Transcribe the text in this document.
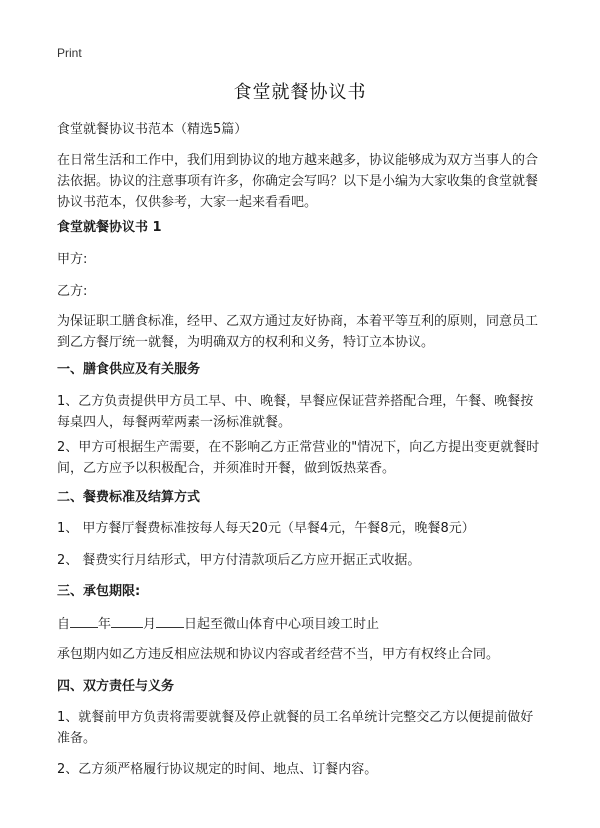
Print
食堂就餐协议书

食堂就餐协议书范本（精选5篇）

在日常生活和工作中，我们用到协议的地方越来越多，协议能够成为双方当事人的合法依据。协议的注意事项有许多，你确定会写吗？以下是小编为大家收集的食堂就餐协议书范本，仅供参考，大家一起来看看吧。

食堂就餐协议书 1

甲方:

乙方:

为保证职工膳食标准，经甲、乙双方通过友好协商，本着平等互利的原则，同意员工到乙方餐厅统一就餐，为明确双方的权利和义务，特订立本协议。

一、膳食供应及有关服务

1、乙方负责提供甲方员工早、中、晚餐，早餐应保证营养搭配合理，午餐、晚餐按每桌四人，每餐两荤两素一汤标准就餐。

2、甲方可根据生产需要，在不影响乙方正常营业的"情况下，向乙方提出变更就餐时间，乙方应予以积极配合，并须准时开餐，做到饭热菜香。

二、餐费标准及结算方式

1、 甲方餐厅餐费标准按每人每天20元（早餐4元，午餐8元，晚餐8元）

2、 餐费实行月结形式，甲方付清款项后乙方应开据正式收据。

三、承包期限:

自 年 月 日起至微山体育中心项目竣工时止

承包期内如乙方违反相应法规和协议内容或者经营不当，甲方有权终止合同。

四、双方责任与义务

1、就餐前甲方负责将需要就餐及停止就餐的员工名单统计完整交乙方以便提前做好准备。

2、乙方须严格履行协议规定的时间、地点、订餐内容。
